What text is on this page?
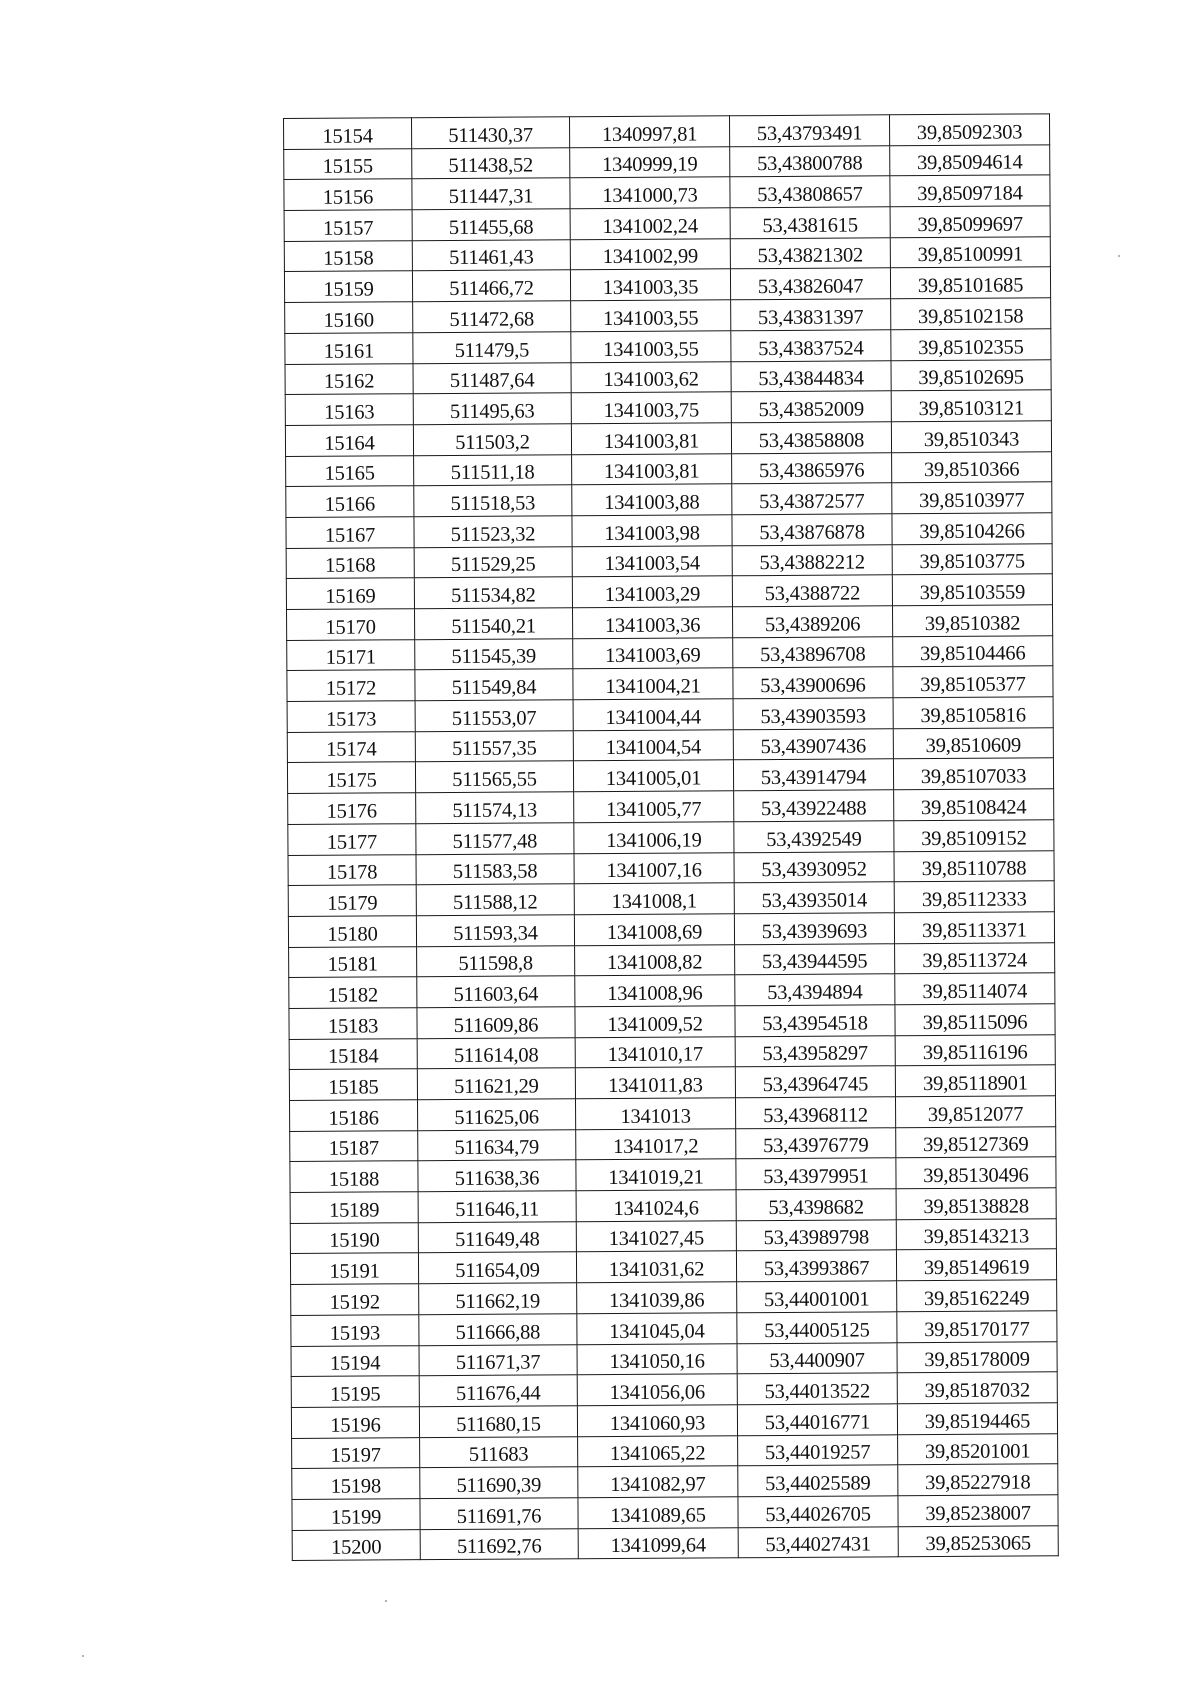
15154	511430,37	1340997,81	53,43793491	39,85092303
15155	511438,52	1340999,19	53,43800788	39,85094614
15156	511447,31	1341000,73	53,43808657	39,85097184
15157	511455,68	1341002,24	53,4381615	39,85099697
15158	511461,43	1341002,99	53,43821302	39,85100991
15159	511466,72	1341003,35	53,43826047	39,85101685
15160	511472,68	1341003,55	53,43831397	39,85102158
15161	511479,5	1341003,55	53,43837524	39,85102355
15162	511487,64	1341003,62	53,43844834	39,85102695
15163	511495,63	1341003,75	53,43852009	39,85103121
15164	511503,2	1341003,81	53,43858808	39,8510343
15165	511511,18	1341003,81	53,43865976	39,8510366
15166	511518,53	1341003,88	53,43872577	39,85103977
15167	511523,32	1341003,98	53,43876878	39,85104266
15168	511529,25	1341003,54	53,43882212	39,85103775
15169	511534,82	1341003,29	53,4388722	39,85103559
15170	511540,21	1341003,36	53,4389206	39,8510382
15171	511545,39	1341003,69	53,43896708	39,85104466
15172	511549,84	1341004,21	53,43900696	39,85105377
15173	511553,07	1341004,44	53,43903593	39,85105816
15174	511557,35	1341004,54	53,43907436	39,8510609
15175	511565,55	1341005,01	53,43914794	39,85107033
15176	511574,13	1341005,77	53,43922488	39,85108424
15177	511577,48	1341006,19	53,4392549	39,85109152
15178	511583,58	1341007,16	53,43930952	39,85110788
15179	511588,12	1341008,1	53,43935014	39,85112333
15180	511593,34	1341008,69	53,43939693	39,85113371
15181	511598,8	1341008,82	53,43944595	39,85113724
15182	511603,64	1341008,96	53,4394894	39,85114074
15183	511609,86	1341009,52	53,43954518	39,85115096
15184	511614,08	1341010,17	53,43958297	39,85116196
15185	511621,29	1341011,83	53,43964745	39,85118901
15186	511625,06	1341013	53,43968112	39,8512077
15187	511634,79	1341017,2	53,43976779	39,85127369
15188	511638,36	1341019,21	53,43979951	39,85130496
15189	511646,11	1341024,6	53,4398682	39,85138828
15190	511649,48	1341027,45	53,43989798	39,85143213
15191	511654,09	1341031,62	53,43993867	39,85149619
15192	511662,19	1341039,86	53,44001001	39,85162249
15193	511666,88	1341045,04	53,44005125	39,85170177
15194	511671,37	1341050,16	53,4400907	39,85178009
15195	511676,44	1341056,06	53,44013522	39,85187032
15196	511680,15	1341060,93	53,44016771	39,85194465
15197	511683	1341065,22	53,44019257	39,85201001
15198	511690,39	1341082,97	53,44025589	39,85227918
15199	511691,76	1341089,65	53,44026705	39,85238007
15200	511692,76	1341099,64	53,44027431	39,85253065
